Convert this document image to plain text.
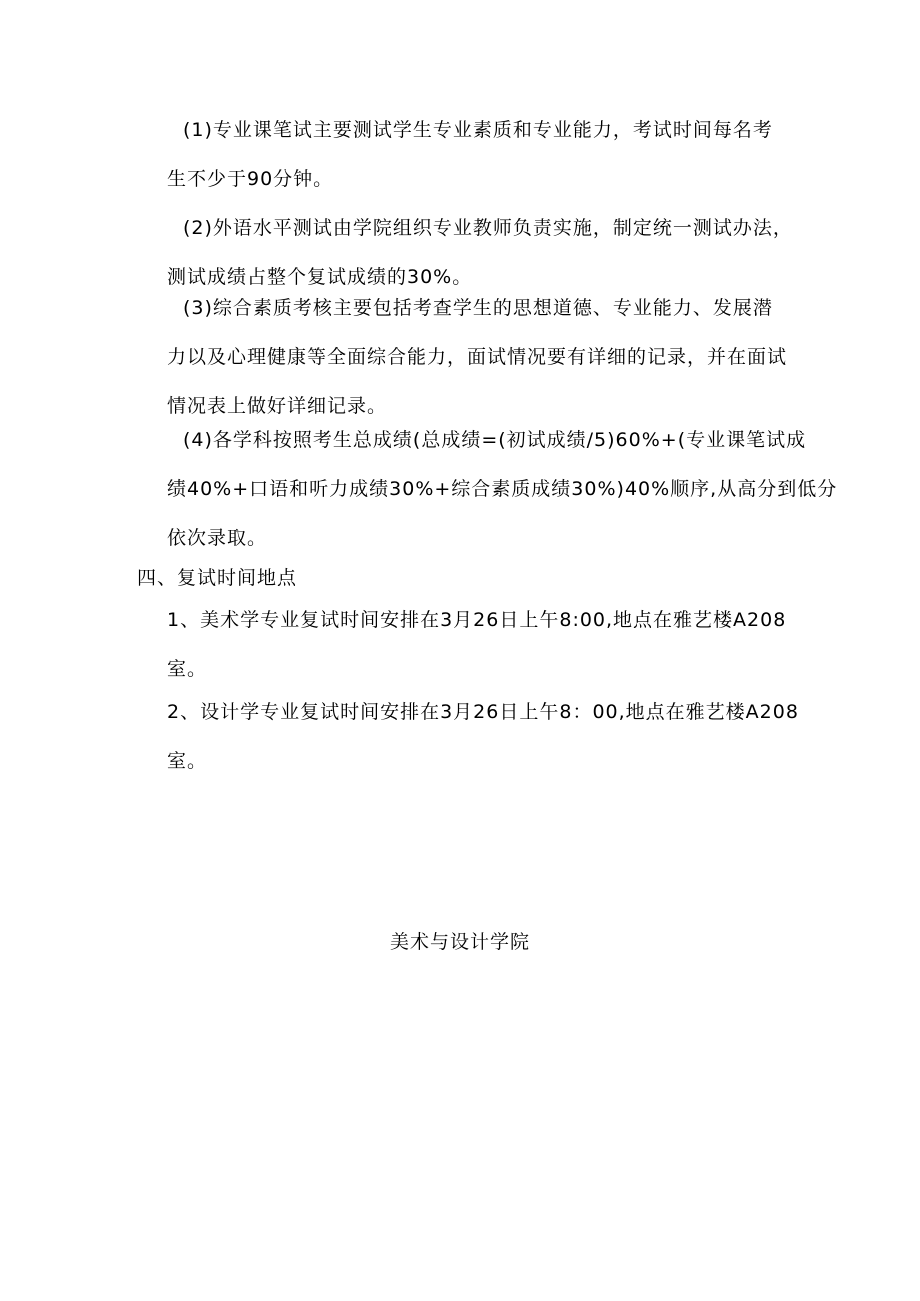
(1)专业课笔试主要测试学生专业素质和专业能力，考试时间每名考
生不少于90分钟。
(2)外语水平测试由学院组织专业教师负责实施，制定统一测试办法，
测试成绩占整个复试成绩的30%。
(3)综合素质考核主要包括考查学生的思想道德、专业能力、发展潜
力以及心理健康等全面综合能力，面试情况要有详细的记录，并在面试
情况表上做好详细记录。
(4)各学科按照考生总成绩(总成绩=(初试成绩/5)60%+(专业课笔试成
绩40%+口语和听力成绩30%+综合素质成绩30%)40%顺序,从高分到低分
依次录取。
四、复试时间地点
1、美术学专业复试时间安排在3月26日上午8:00,地点在雅艺楼A208
室。
2、设计学专业复试时间安排在3月26日上午8：00,地点在雅艺楼A208
室。
美术与设计学院
